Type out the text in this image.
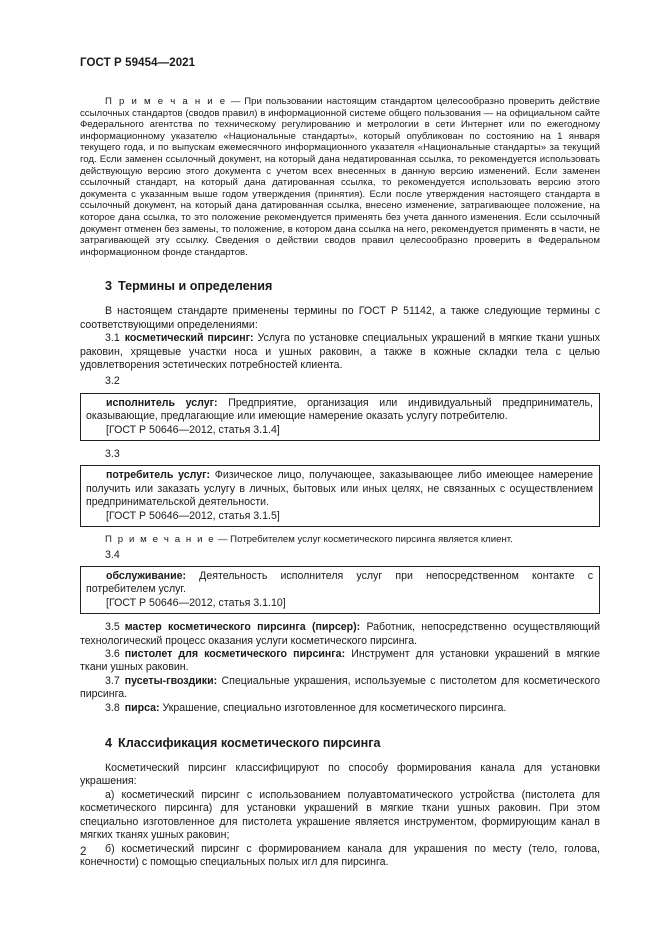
ГОСТ Р 59454—2021

П р и м е ч а н и е — При пользовании настоящим стандартом целесообразно проверить действие ссылочных стандартов (сводов правил) в информационной системе общего пользования — на официальном сайте Федерального агентства по техническому регулированию и метрологии в сети Интернет или по ежегодному информационному указателю «Национальные стандарты», который опубликован по состоянию на 1 января текущего года, и по выпускам ежемесячного информационного указателя «Национальные стандарты» за текущий год. Если заменен ссылочный документ, на который дана недатированная ссылка, то рекомендуется использовать действующую версию этого документа с учетом всех внесенных в данную версию изменений. Если заменен ссылочный стандарт, на который дана датированная ссылка, то рекомендуется использовать версию этого документа с указанным выше годом утверждения (принятия). Если после утверждения настоящего стандарта в ссылочный документ, на который дана датированная ссылка, внесено изменение, затрагивающее положение, на которое дана ссылка, то это положение рекомендуется применять без учета данного изменения. Если ссылочный документ отменен без замены, то положение, в котором дана ссылка на него, рекомендуется применять в части, не затрагивающей эту ссылку. Сведения о действии сводов правил целесообразно проверить в Федеральном информационном фонде стандартов.

3 Термины и определения

В настоящем стандарте применены термины по ГОСТ Р 51142, а также следующие термины с соответствующими определениями:

3.1 косметический пирсинг: Услуга по установке специальных украшений в мягкие ткани ушных раковин, хрящевые участки носа и ушных раковин, а также в кожные складки тела с целью удовлетворения эстетических потребностей клиента.

3.2

исполнитель услуг: Предприятие, организация или индивидуальный предприниматель, оказывающие, предлагающие или имеющие намерение оказать услугу потребителю.

[ГОСТ Р 50646—2012, статья 3.1.4]

3.3

потребитель услуг: Физическое лицо, получающее, заказывающее либо имеющее намерение получить или заказать услугу в личных, бытовых или иных целях, не связанных с осуществлением предпринимательской деятельности.

[ГОСТ Р 50646—2012, статья 3.1.5]

П р и м е ч а н и е — Потребителем услуг косметического пирсинга является клиент.
3.4

обслуживание: Деятельность исполнителя услуг при непосредственном контакте с потребителем услуг.

[ГОСТ Р 50646—2012, статья 3.1.10]

3.5 мастер косметического пирсинга (пирсер): Работник, непосредственно осуществляющий технологический процесс оказания услуги косметического пирсинга.

3.6 пистолет для косметического пирсинга: Инструмент для установки украшений в мягкие ткани ушных раковин.

3.7 пусеты-гвоздики: Специальные украшения, используемые с пистолетом для косметического пирсинга.

3.8 пирса: Украшение, специально изготовленное для косметического пирсинга.

4 Классификация косметического пирсинга

Косметический пирсинг классифицируют по способу формирования канала для установки украшения:

а) косметический пирсинг с использованием полуавтоматического устройства (пистолета для косметического пирсинга) для установки украшений в мягкие ткани ушных раковин. При этом специально изготовленное для пистолета украшение является инструментом, формирующим канал в мягких тканях ушных раковин;

б) косметический пирсинг с формированием канала для украшения по месту (тело, голова, конечности) с помощью специальных полых игл для пирсинга.

2
